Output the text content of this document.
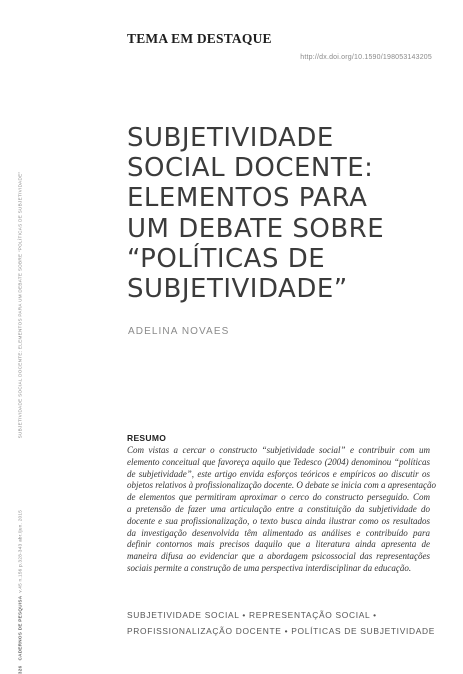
TEMA EM DESTAQUE
http://dx.doi.org/10.1590/198053143205
SUBJETIVIDADE SOCIAL DOCENTE: ELEMENTOS PARA UM DEBATE SOBRE “POLÍTICAS DE SUBJETIVIDADE”
326CADERNOS DE PESQUISAv.45 n.156 p.328-343 abr./jun. 2015
SUBJETIVIDADE
SOCIAL DOCENTE:
ELEMENTOS PARA
UM DEBATE SOBRE
“POLÍTICAS DE
SUBJETIVIDADE”
ADELINA NOVAES
RESUMO

Com vistas a cercar o constructo “subjetividade social” e contribuir com um
elemento conceitual que favoreça aquilo que Tedesco (2004) denominou “políticas
de subjetividade”, este artigo envida esforços teóricos e empíricos ao discutir os
objetos relativos à profissionalização docente. O debate se inicia com a apresentação
de elementos que permitiram aproximar o cerco do constructo perseguido. Com
a pretensão de fazer uma articulação entre a constituição da subjetividade do
docente e sua profissionalização, o texto busca ainda ilustrar como os resultados
da investigação desenvolvida têm alimentado as análises e contribuído para
definir contornos mais precisos daquilo que a literatura ainda apresenta de
maneira difusa ao evidenciar que a abordagem psicossocial das representações
sociais permite a construção de uma perspectiva interdisciplinar da educação.

SUBJETIVIDADE SOCIAL • REPRESENTAÇÃO SOCIAL •
PROFISSIONALIZAÇÃO DOCENTE • POLÍTICAS DE SUBJETIVIDADE
